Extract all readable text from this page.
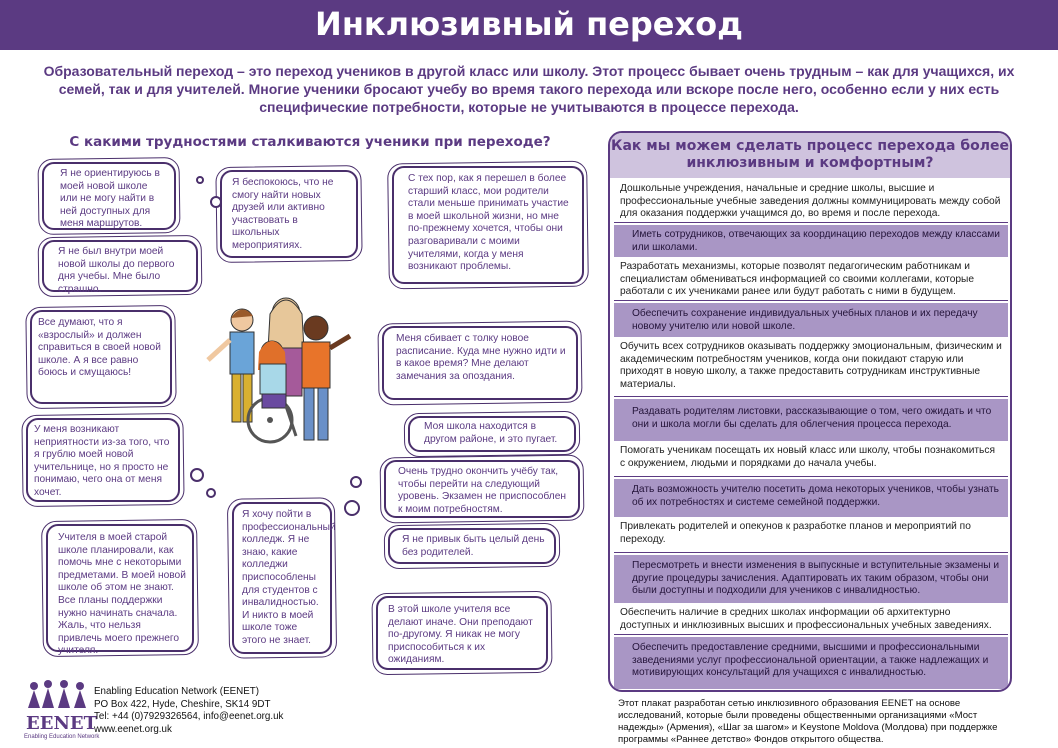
Инклюзивный переход
Образовательный переход – это переход учеников в другой класс или школу. Этот процесс бывает очень трудным – как для учащихся, их семей, так и для учителей. Многие ученики бросают учебу во время такого перехода или вскоре после него, особенно если у них есть специфические потребности, которые не учитываются в процессе перехода.
С какими трудностями сталкиваются ученики при переходе?
Я не ориентируюсь в моей новой школе или не могу найти в ней доступных для меня маршрутов.
Я беспокоюсь, что не смогу найти новых друзей или активно участвовать в школьных мероприятиях.
С тех пор, как я перешел в более старший класс, мои родители стали меньше принимать участие в моей школьной жизни, но мне по-прежнему хочется, чтобы они разговаривали с моими учителями, когда у меня возникают проблемы.
Я не был внутри моей новой школы до первого дня учебы. Мне было страшно.
Все думают, что я «взрослый» и должен справиться в своей новой школе. А я все равно боюсь и смущаюсь!
Меня сбивает с толку новое расписание. Куда мне нужно идти и в какое время? Мне делают замечания за опоздания.
Моя школа находится в другом районе, и это пугает.
У меня возникают неприятности из-за того, что я грублю моей новой учительнице, но я просто не понимаю, чего она от меня хочет.
Очень трудно окончить учёбу так, чтобы перейти на следующий уровень. Экзамен не приспособлен к моим потребностям.
Я хочу пойти в профессиональный колледж. Я не знаю, какие колледжи приспособлены для студентов с инвалидностью. И никто в моей школе тоже этого не знает.
Я не привык быть целый день без родителей.
Учителя в моей старой школе планировали, как помочь мне с некоторыми предметами. В моей новой школе об этом не знают. Все планы поддержки нужно начинать сначала. Жаль, что нельзя привлечь моего прежнего учителя.
В этой школе учителя все делают иначе. Они преподают по-другому. Я никак не могу приспособиться к их ожиданиям.
Как мы можем сделать процесс перехода более инклюзивным и комфортным?
Дошкольные учреждения, начальные и средние школы, высшие и профессиональные учебные заведения должны коммуницировать между собой для оказания поддержки учащимся до, во время и после перехода.
Иметь сотрудников, отвечающих за координацию переходов между классами или школами.
Разработать механизмы, которые позволят педагогическим работникам и специалистам обмениваться информацией со своими коллегами, которые работали с их учениками ранее или будут работать с ними в будущем.
Обеспечить сохранение индивидуальных учебных планов и их передачу новому учителю или новой школе.
Обучить всех сотрудников оказывать поддержку эмоциональным, физическим и академическим потребностям учеников, когда они покидают старую или приходят в новую школу, а также предоставить сотрудникам инструктивные материалы.
Раздавать родителям листовки, рассказывающие о том, чего ожидать и что они и школа могли бы сделать для облегчения процесса перехода.
Помогать ученикам посещать их новый класс или школу, чтобы познакомиться с окружением, людьми и порядками до начала учебы.
Дать возможность учителю посетить дома некоторых учеников, чтобы узнать об их потребностях и системе семейной поддержки.
Привлекать родителей и опекунов к разработке планов и мероприятий по переходу.
Пересмотреть и внести изменения в выпускные и вступительные экзамены и другие процедуры зачисления. Адаптировать их таким образом, чтобы они были доступны и подходили для учеников с инвалидностью.
Обеспечить наличие в средних школах информации об архитектурно доступных и инклюзивных высших и профессиональных учебных заведениях.
Обеспечить предоставление средними, высшими и профессиональными заведениями услуг профессиональной ориентации, а также надлежащих и мотивирующих консультаций для учащихся с инвалидностью.
EENET
Enabling Education Network
Enabling Education Network (EENET)
PO Box 422, Hyde, Cheshire, SK14 9DT
Tel: +44 (0)7929326564, info@eenet.org.uk
www.eenet.org.uk
Этот плакат разработан сетью инклюзивного образования EENET на основе исследований, которые были проведены общественными организациями «Мост надежды» (Армения), «Шаг за шагом» и Keystone Moldova (Молдова) при поддержке программы «Раннее детство» Фондов открытого общества.
